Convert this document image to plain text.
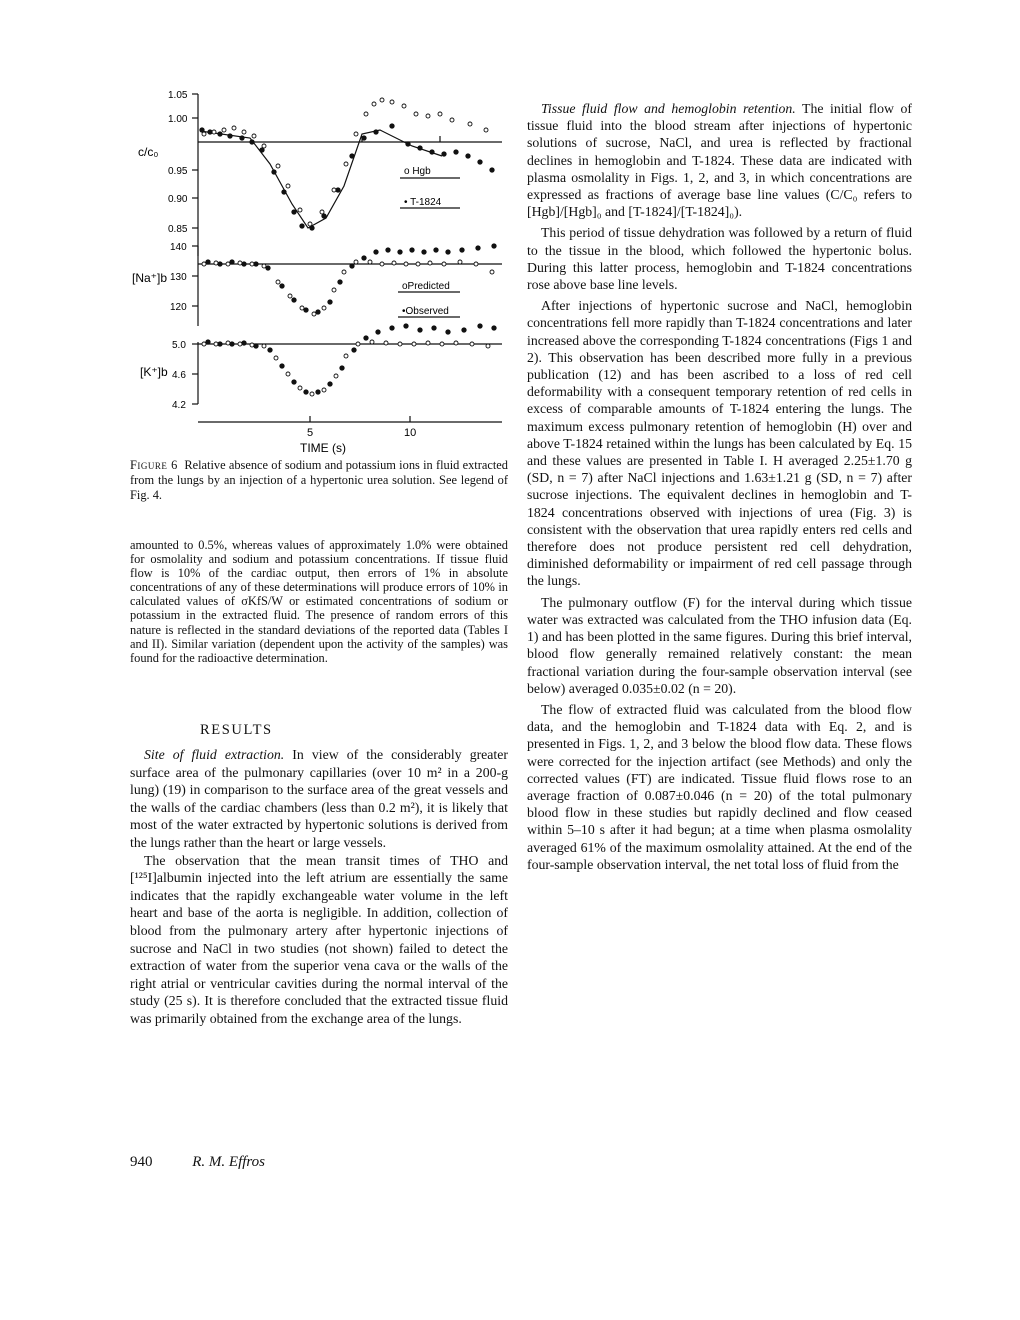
c/c₀
1.05
1.00
0.95
0.90
0.85
o Hgb
• T-1824
[Na⁺]b
140
130
120
oPredicted
•Observed
[K⁺]b
5.0
4.6
4.2
5	10
TIME (s)
Figure 6 Relative absence of sodium and potassium ions in fluid extracted from the lungs by an injection of a hypertonic urea solution. See legend of Fig. 4.
amounted to 0.5%, whereas values of approximately 1.0% were obtained for osmolality and sodium and potassium concentrations. If tissue fluid flow is 10% of the cardiac output, then errors of 1% in absolute concentrations of any of these determinations will produce errors of 10% in calculated values of σKfS/W or estimated concentrations of sodium or potassium in the extracted fluid. The presence of random errors of this nature is reflected in the standard deviations of the reported data (Tables I and II). Similar variation (dependent upon the activity of the samples) was found for the radioactive determination.
RESULTS

Site of fluid extraction. In view of the considerably greater surface area of the pulmonary capillaries (over 10 m² in a 200-g lung) (19) in comparison to the surface area of the great vessels and the walls of the cardiac chambers (less than 0.2 m²), it is likely that most of the water extracted by hypertonic solutions is derived from the lungs rather than the heart or large vessels.

The observation that the mean transit times of THO and [¹²⁵I]albumin injected into the left atrium are essentially the same indicates that the rapidly exchangeable water volume in the left heart and base of the aorta is negligible. In addition, collection of blood from the pulmonary artery after hypertonic injections of sucrose and NaCl in two studies (not shown) failed to detect the extraction of water from the superior vena cava or the walls of the right atrial or ventricular cavities during the normal interval of the study (25 s). It is therefore concluded that the extracted tissue fluid was primarily obtained from the exchange area of the lungs.

Tissue fluid flow and hemoglobin retention. The initial flow of tissue fluid into the blood stream after injections of hypertonic solutions of sucrose, NaCl, and urea is reflected by fractional declines in hemoglobin and T-1824. These data are indicated with plasma osmolality in Figs. 1, 2, and 3, in which concentrations are expressed as fractions of average base line values (C/C₀ refers to [Hgb]/[Hgb]₀ and [T-1824]/[T-1824]₀).

This period of tissue dehydration was followed by a return of fluid to the tissue in the blood, which followed the hypertonic bolus. During this latter process, hemoglobin and T-1824 concentrations rose above base line levels.

After injections of hypertonic sucrose and NaCl, hemoglobin concentrations fell more rapidly than T-1824 concentrations and later increased above the corresponding T-1824 concentrations (Figs 1 and 2). This observation has been described more fully in a previous publication (12) and has been ascribed to a loss of red cell deformability with a consequent temporary retention of red cells in excess of comparable amounts of T-1824 entering the lungs. The maximum excess pulmonary retention of hemoglobin (H) over and above T-1824 retained within the lungs has been calculated by Eq. 15 and these values are presented in Table I. H averaged 2.25±1.70 g (SD, n = 7) after NaCl injections and 1.63±1.21 g (SD, n = 7) after sucrose injections. The equivalent declines in hemoglobin and T-1824 concentrations observed with injections of urea (Fig. 3) is consistent with the observation that urea rapidly enters red cells and therefore does not produce persistent red cell dehydration, diminished deformability or impairment of red cell passage through the lungs.

The pulmonary outflow (F) for the interval during which tissue water was extracted was calculated from the THO infusion data (Eq. 1) and has been plotted in the same figures. During this brief interval, blood flow generally remained relatively constant: the mean fractional variation during the four-sample observation interval (see below) averaged 0.035±0.02 (n = 20).

The flow of extracted fluid was calculated from the blood flow data, and the hemoglobin and T-1824 data with Eq. 2, and is presented in Figs. 1, 2, and 3 below the blood flow data. These flows were corrected for the injection artifact (see Methods) and only the corrected values (FT) are indicated. Tissue fluid flows rose to an average fraction of 0.087±0.046 (n = 20) of the total pulmonary blood flow in these studies but rapidly declined and flow ceased within 5–10 s after it had begun; at a time when plasma osmolality averaged 61% of the maximum osmolality attained. At the end of the four-sample observation interval, the net total loss of fluid from the

940	R. M. Effros
